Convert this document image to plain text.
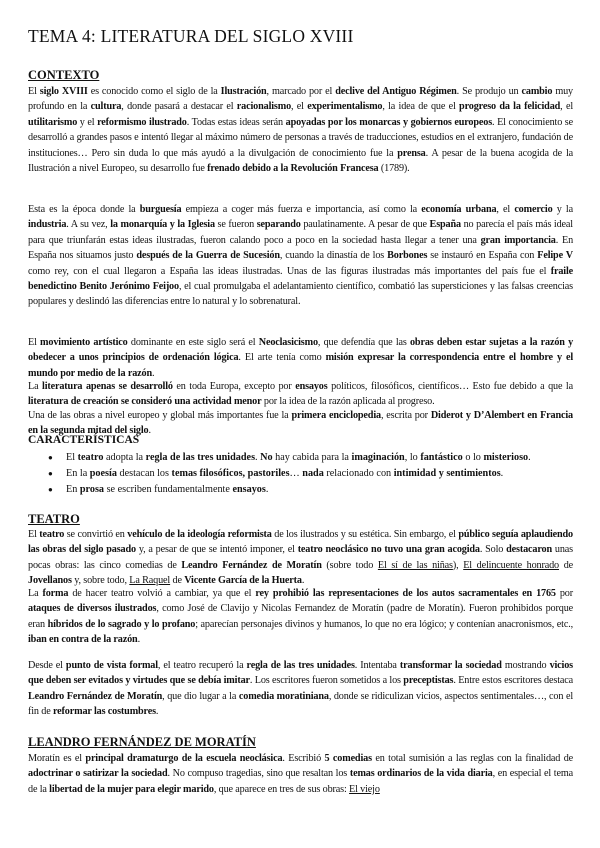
TEMA 4: LITERATURA DEL SIGLO XVIII
CONTEXTO

El siglo XVIII es conocido como el siglo de la Ilustración, marcado por el declive del Antiguo Régimen. Se produjo un cambio muy profundo en la cultura, donde pasará a destacar el racionalismo, el experimentalismo, la idea de que el progreso da la felicidad, el utilitarismo y el reformismo ilustrado. Todas estas ideas serán apoyadas por los monarcas y gobiernos europeos. El conocimiento se desarrolló a grandes pasos e intentó llegar al máximo número de personas a través de traducciones, estudios en el extranjero, fundación de instituciones… Pero sin duda lo que más ayudó a la divulgación de conocimiento fue la prensa. A pesar de la buena acogida de la Ilustración a nivel Europeo, su desarrollo fue frenado debido a la Revolución Francesa (1789).

Esta es la época donde la burguesía empieza a coger más fuerza e importancia, así como la economía urbana, el comercio y la industria. A su vez, la monarquía y la Iglesia se fueron separando paulatinamente. A pesar de que España no parecía el país más ideal para que triunfarán estas ideas ilustradas, fueron calando poco a poco en la sociedad hasta llegar a tener una gran importancia. En España nos situamos justo después de la Guerra de Sucesión, cuando la dinastía de los Borbones se instauró en España con Felipe V como rey, con el cual llegaron a España las ideas ilustradas. Unas de las figuras ilustradas más importantes del país fue el fraile benedictino Benito Jerónimo Feijoo, el cual promulgaba el adelantamiento científico, combatió las supersticiones y las falsas creencias populares y deslindó las diferencias entre lo natural y lo sobrenatural.

El movimiento artístico dominante en este siglo será el Neoclasicismo, que defendía que las obras deben estar sujetas a la razón y obedecer a unos principios de ordenación lógica. El arte tenía como misión expresar la correspondencia entre el hombre y el mundo por medio de la razón.

La literatura apenas se desarrolló en toda Europa, excepto por ensayos políticos, filosóficos, científicos… Esto fue debido a que la literatura de creación se consideró una actividad menor por la idea de la razón aplicada al progreso.

Una de las obras a nivel europeo y global más importantes fue la primera enciclopedia, escrita por Diderot y D’Alembert en Francia en la segunda mitad del siglo.

CARACTERÍSTICAS
● El teatro adopta la regla de las tres unidades. No hay cabida para la imaginación, lo fantástico o lo misterioso.
● En la poesía destacan los temas filosóficos, pastoriles… nada relacionado con intimidad y sentimientos.
● En prosa se escriben fundamentalmente ensayos.
TEATRO

El teatro se convirtió en vehículo de la ideología reformista de los ilustrados y su estética. Sin embargo, el público seguía aplaudiendo las obras del siglo pasado y, a pesar de que se intentó imponer, el teatro neoclásico no tuvo una gran acogida. Solo destacaron unas pocas obras: las cinco comedias de Leandro Fernández de Moratín (sobre todo El sí de las niñas), El delincuente honrado de Jovellanos y, sobre todo, La Raquel de Vicente García de la Huerta.

La forma de hacer teatro volvió a cambiar, ya que el rey prohibió las representaciones de los autos sacramentales en 1765 por ataques de diversos ilustrados, como José de Clavijo y Nicolas Fernandez de Moratín (padre de Moratín). Fueron prohibidos porque eran híbridos de lo sagrado y lo profano; aparecían personajes divinos y humanos, lo que no era lógico; y contenían anacronismos, etc., iban en contra de la razón.

Desde el punto de vista formal, el teatro recuperó la regla de las tres unidades. Intentaba transformar la sociedad mostrando vicios que deben ser evitados y virtudes que se debía imitar. Los escritores fueron sometidos a los preceptistas. Entre estos escritores destaca Leandro Fernández de Moratín, que dio lugar a la comedia moratiniana, donde se ridiculizan vicios, aspectos sentimentales…, con el fin de reformar las costumbres.

LEANDRO FERNÁNDEZ DE MORATÍN

Moratín es el principal dramaturgo de la escuela neoclásica. Escribió 5 comedias en total sumisión a las reglas con la finalidad de adoctrinar o satirizar la sociedad. No compuso tragedias, sino que resaltan los temas ordinarios de la vida diaria, en especial el tema de la libertad de la mujer para elegir marido, que aparece en tres de sus obras: El viejo
